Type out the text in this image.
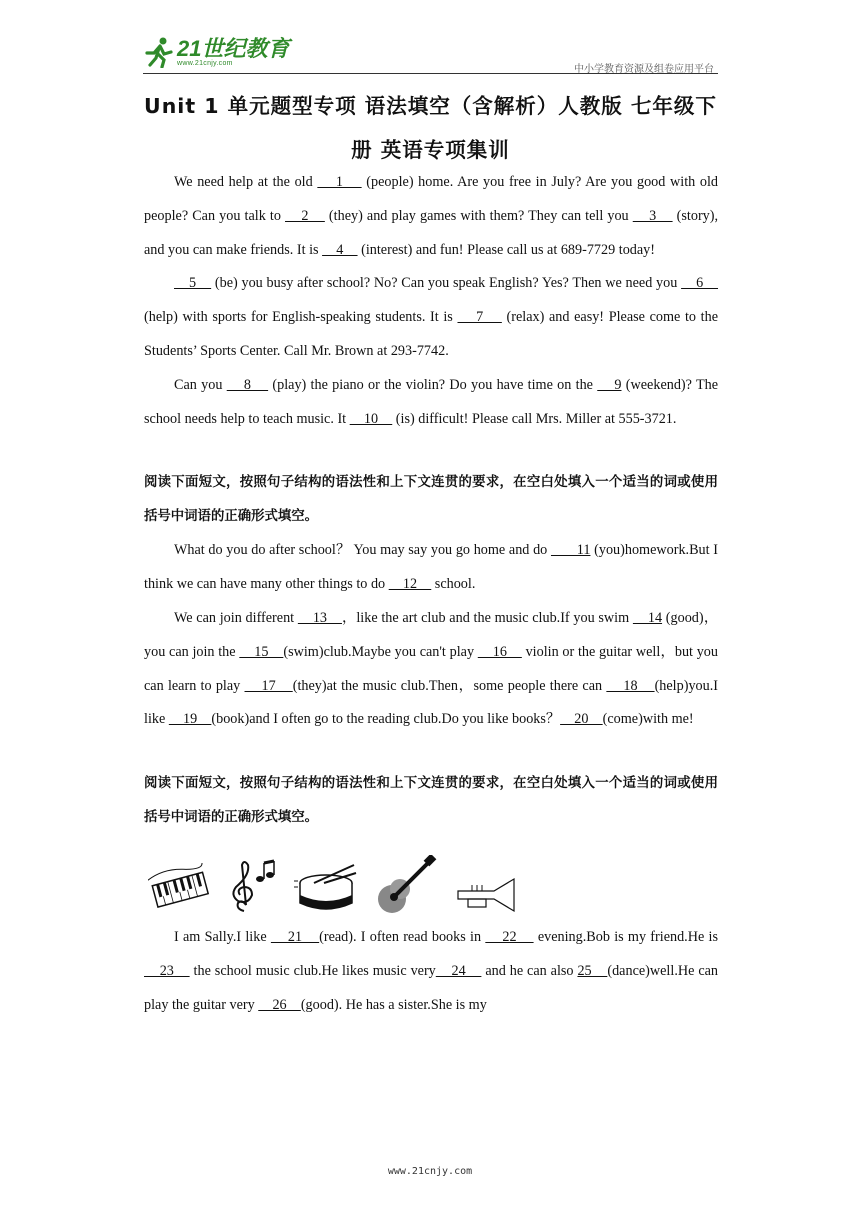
21世纪教育
www.21cnjy.com
中小学教育资源及组卷应用平台
Unit 1 单元题型专项 语法填空（含解析）人教版 七年级下
册 英语专项集训

We need help at the old     1     (people) home. Are you free in July? Are you good with old people? Can you talk to     2     (they) and play games with them? They can tell you     3     (story), and you can make friends. It is     4     (interest) and fun! Please call us at 689-7729 today!

5     (be) you busy after school? No? Can you speak English? Yes? Then we need you     6     (help) with sports for English-speaking students. It is     7     (relax) and easy! Please come to the Students’ Sports Center. Call Mr. Brown at 293-7742.

Can you     8     (play) the piano or the violin? Do you have time on the     9 (weekend)? The school needs help to teach music. It     10     (is) difficult! Please call Mrs. Miller at 555-3721.

阅读下面短文，按照句子结构的语法性和上下文连贯的要求，在空白处填入一个适当的词或使用括号中词语的正确形式填空。

What do you do after school？ You may say you go home and do        11 (you)homework.But I think we can have many other things to do     12     school.

We can join different     13    ，like the art club and the music club.If you swim     14 (good)，you can join the     15    (swim)club.Maybe you can't play     16     violin or the guitar well，but you can learn to play     17    (they)at the music club.Then，some people there can     18    (help)you.I like     19    (book)and I often go to the reading club.Do you like books？    20    (come)with me!

阅读下面短文，按照句子结构的语法性和上下文连贯的要求，在空白处填入一个适当的词或使用括号中词语的正确形式填空。

I am Sally.I like     21    (read). I often read books in     22     evening.Bob is my friend.He is     23     the school music club.He likes music very    24     and he can also 25    (dance)well.He can play the guitar very     26    (good). He has a sister.She is my

www.21cnjy.com
